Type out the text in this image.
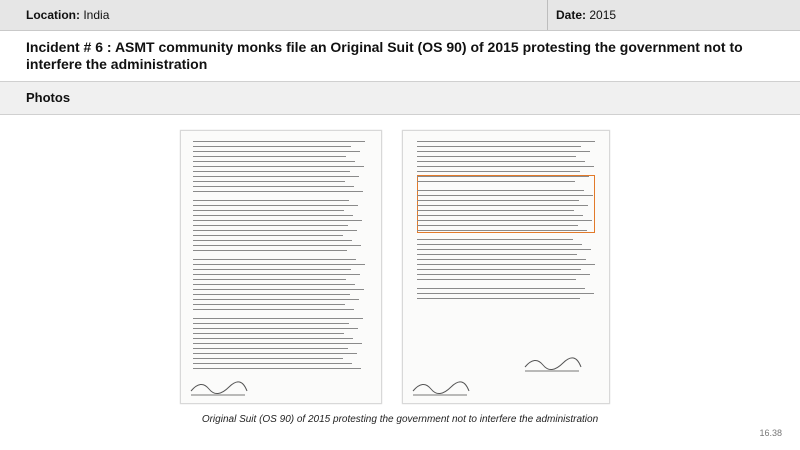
Location: India	Date: 2015

Incident # 6 : ASMT community monks file an Original Suit (OS 90) of 2015 protesting the government not to interfere the administration

Photos
Original Suit (OS 90) of 2015 protesting the government not to interfere the administration
16.38
